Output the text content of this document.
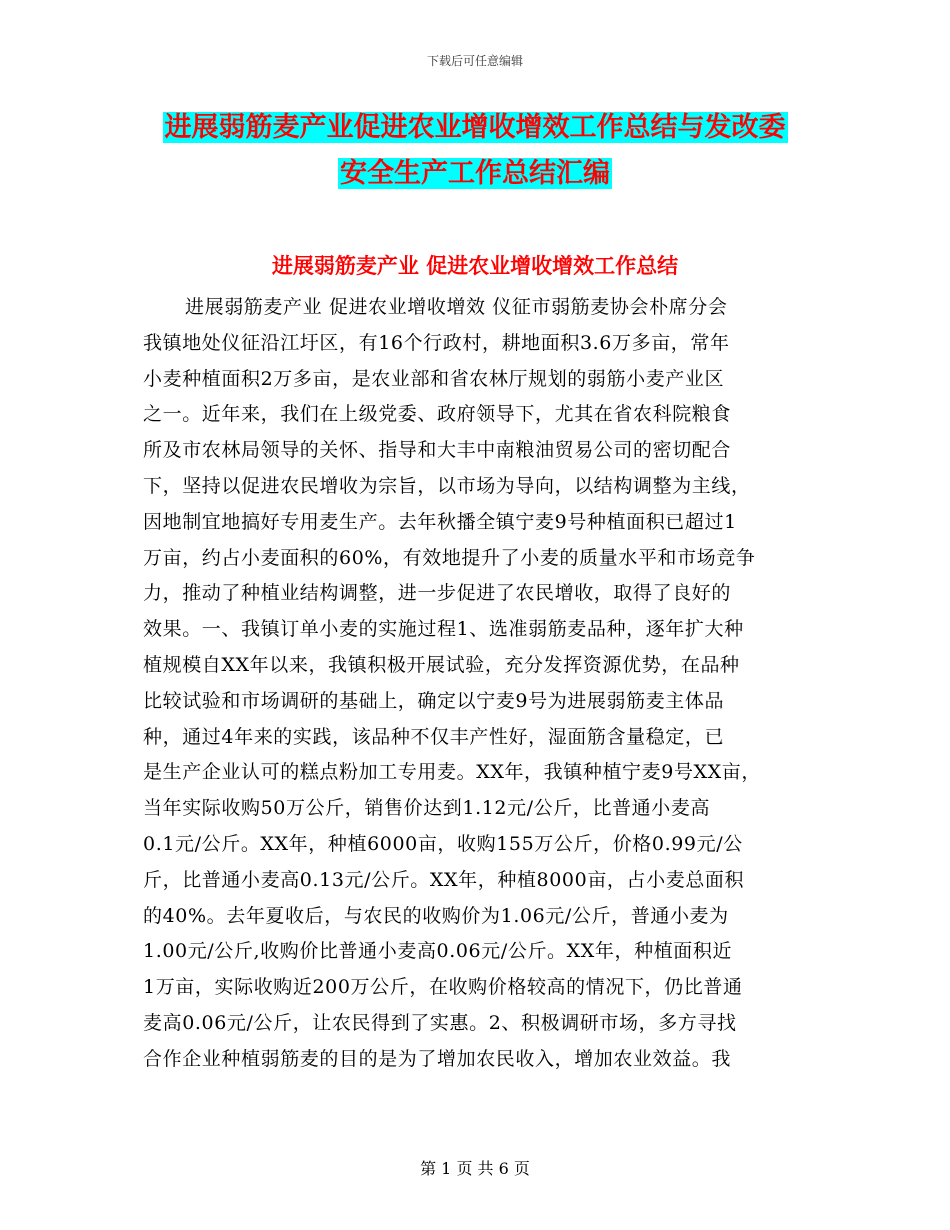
下载后可任意编辑
进展弱筋麦产业促进农业增收增效工作总结与发改委
安全生产工作总结汇编
进展弱筋麦产业 促进农业增收增效工作总结
进展弱筋麦产业 促进农业增收增效 仪征市弱筋麦协会朴席分会
我镇地处仪征沿江圩区，有16个行政村，耕地面积3.6万多亩，常年
小麦种植面积2万多亩，是农业部和省农林厅规划的弱筋小麦产业区
之一。近年来，我们在上级党委、政府领导下，尤其在省农科院粮食
所及市农林局领导的关怀、指导和大丰中南粮油贸易公司的密切配合
下，坚持以促进农民增收为宗旨，以市场为导向，以结构调整为主线，
因地制宜地搞好专用麦生产。去年秋播全镇宁麦9号种植面积已超过1
万亩，约占小麦面积的60%，有效地提升了小麦的质量水平和市场竞争
力，推动了种植业结构调整，进一步促进了农民增收，取得了良好的
效果。一、我镇订单小麦的实施过程1、选准弱筋麦品种，逐年扩大种
植规模自XX年以来，我镇积极开展试验，充分发挥资源优势，在品种
比较试验和市场调研的基础上，确定以宁麦9号为进展弱筋麦主体品
种，通过4年来的实践，该品种不仅丰产性好，湿面筋含量稳定，已
是生产企业认可的糕点粉加工专用麦。XX年，我镇种植宁麦9号XX亩，
当年实际收购50万公斤，销售价达到1.12元/公斤，比普通小麦高
0.1元/公斤。XX年，种植6000亩，收购155万公斤，价格0.99元/公
斤，比普通小麦高0.13元/公斤。XX年，种植8000亩，占小麦总面积
的40%。去年夏收后，与农民的收购价为1.06元/公斤，普通小麦为
1.00元/公斤,收购价比普通小麦高0.06元/公斤。XX年，种植面积近
1万亩，实际收购近200万公斤，在收购价格较高的情况下，仍比普通
麦高0.06元/公斤，让农民得到了实惠。2、积极调研市场，多方寻找
合作企业种植弱筋麦的目的是为了增加农民收入，增加农业效益。我
第 1 页 共 6 页
